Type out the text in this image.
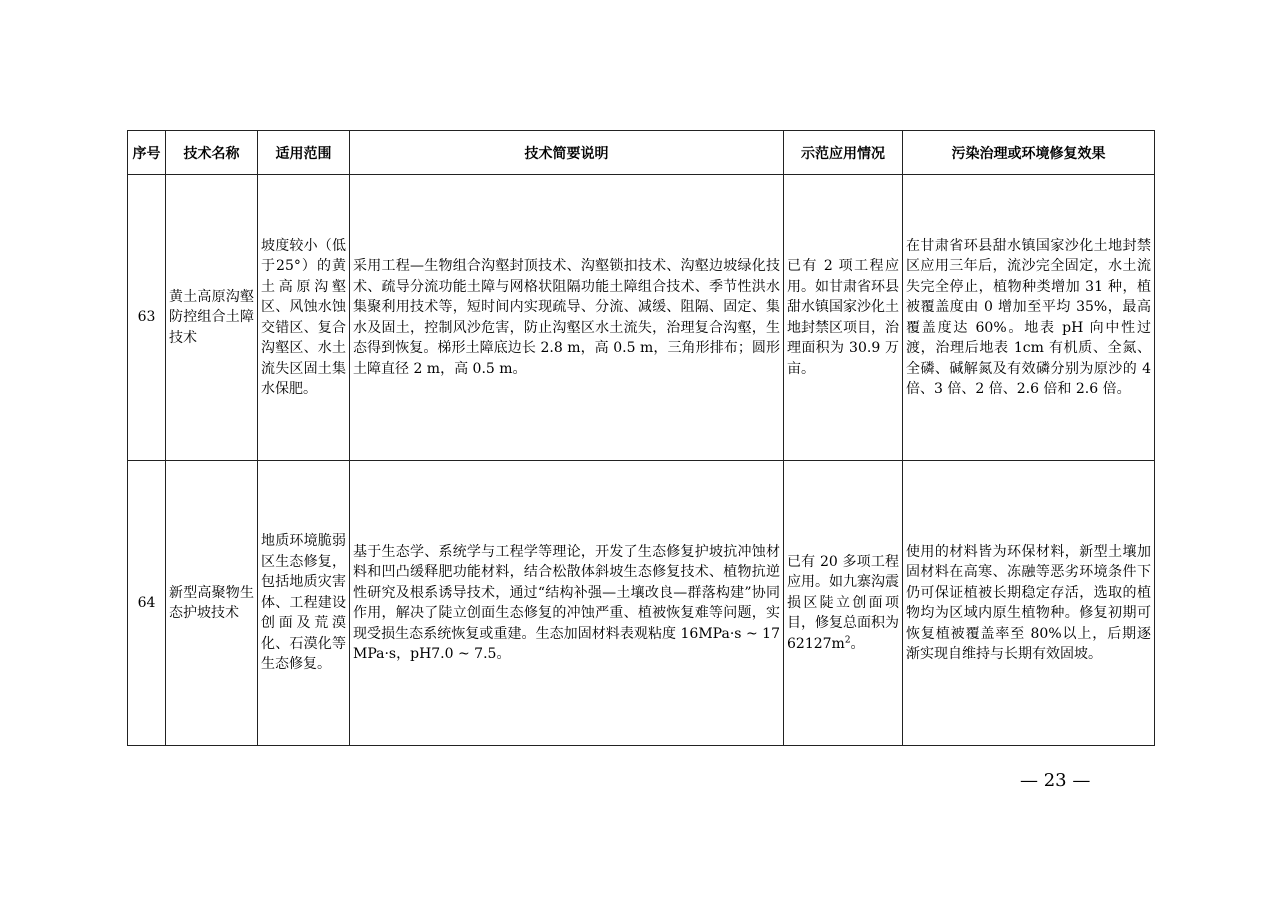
序号	技术名称	适用范围	技术简要说明	示范应用情况	污染治理或环境修复效果
63	黄土高原沟壑防控组合土障技术	坡度较小（低于25°）的黄土高原沟壑区、风蚀水蚀交错区、复合沟壑区、水土流失区固土集水保肥。	采用工程—生物组合沟壑封顶技术、沟壑锁扣技术、沟壑边坡绿化技术、疏导分流功能土障与网格状阻隔功能土障组合技术、季节性洪水集聚利用技术等，短时间内实现疏导、分流、减缓、阻隔、固定、集水及固土，控制风沙危害，防止沟壑区水土流失，治理复合沟壑，生态得到恢复。梯形土障底边长 2.8 m，高 0.5 m，三角形排布；圆形土障直径 2 m，高 0.5 m。	已有 2 项工程应用。如甘肃省环县甜水镇国家沙化土地封禁区项目，治理面积为 30.9 万亩。	在甘肃省环县甜水镇国家沙化土地封禁区应用三年后，流沙完全固定，水土流失完全停止，植物种类增加 31 种，植被覆盖度由 0 增加至平均 35%，最高覆盖度达 60%。地表 pH 向中性过渡，治理后地表 1cm 有机质、全氮、全磷、碱解氮及有效磷分别为原沙的 4 倍、3 倍、2 倍、2.6 倍和 2.6 倍。
64	新型高聚物生态护坡技术	地质环境脆弱区生态修复，包括地质灾害体、工程建设创面及荒漠化、石漠化等生态修复。	基于生态学、系统学与工程学等理论，开发了生态修复护坡抗冲蚀材料和凹凸缓释肥功能材料，结合松散体斜坡生态修复技术、植物抗逆性研究及根系诱导技术，通过“结构补强—土壤改良—群落构建”协同作用，解决了陡立创面生态修复的冲蚀严重、植被恢复难等问题，实现受损生态系统恢复或重建。生态加固材料表观粘度 16MPa·s ~ 17MPa·s，pH7.0 ~ 7.5。	已有 20 多项工程应用。如九寨沟震损区陡立创面项目，修复总面积为 $62127m^2$。	使用的材料皆为环保材料，新型土壤加固材料在高寒、冻融等恶劣环境条件下仍可保证植被长期稳定存活，选取的植物均为区域内原生植物种。修复初期可恢复植被覆盖率至 80%以上，后期逐渐实现自维持与长期有效固坡。
— 23 —
